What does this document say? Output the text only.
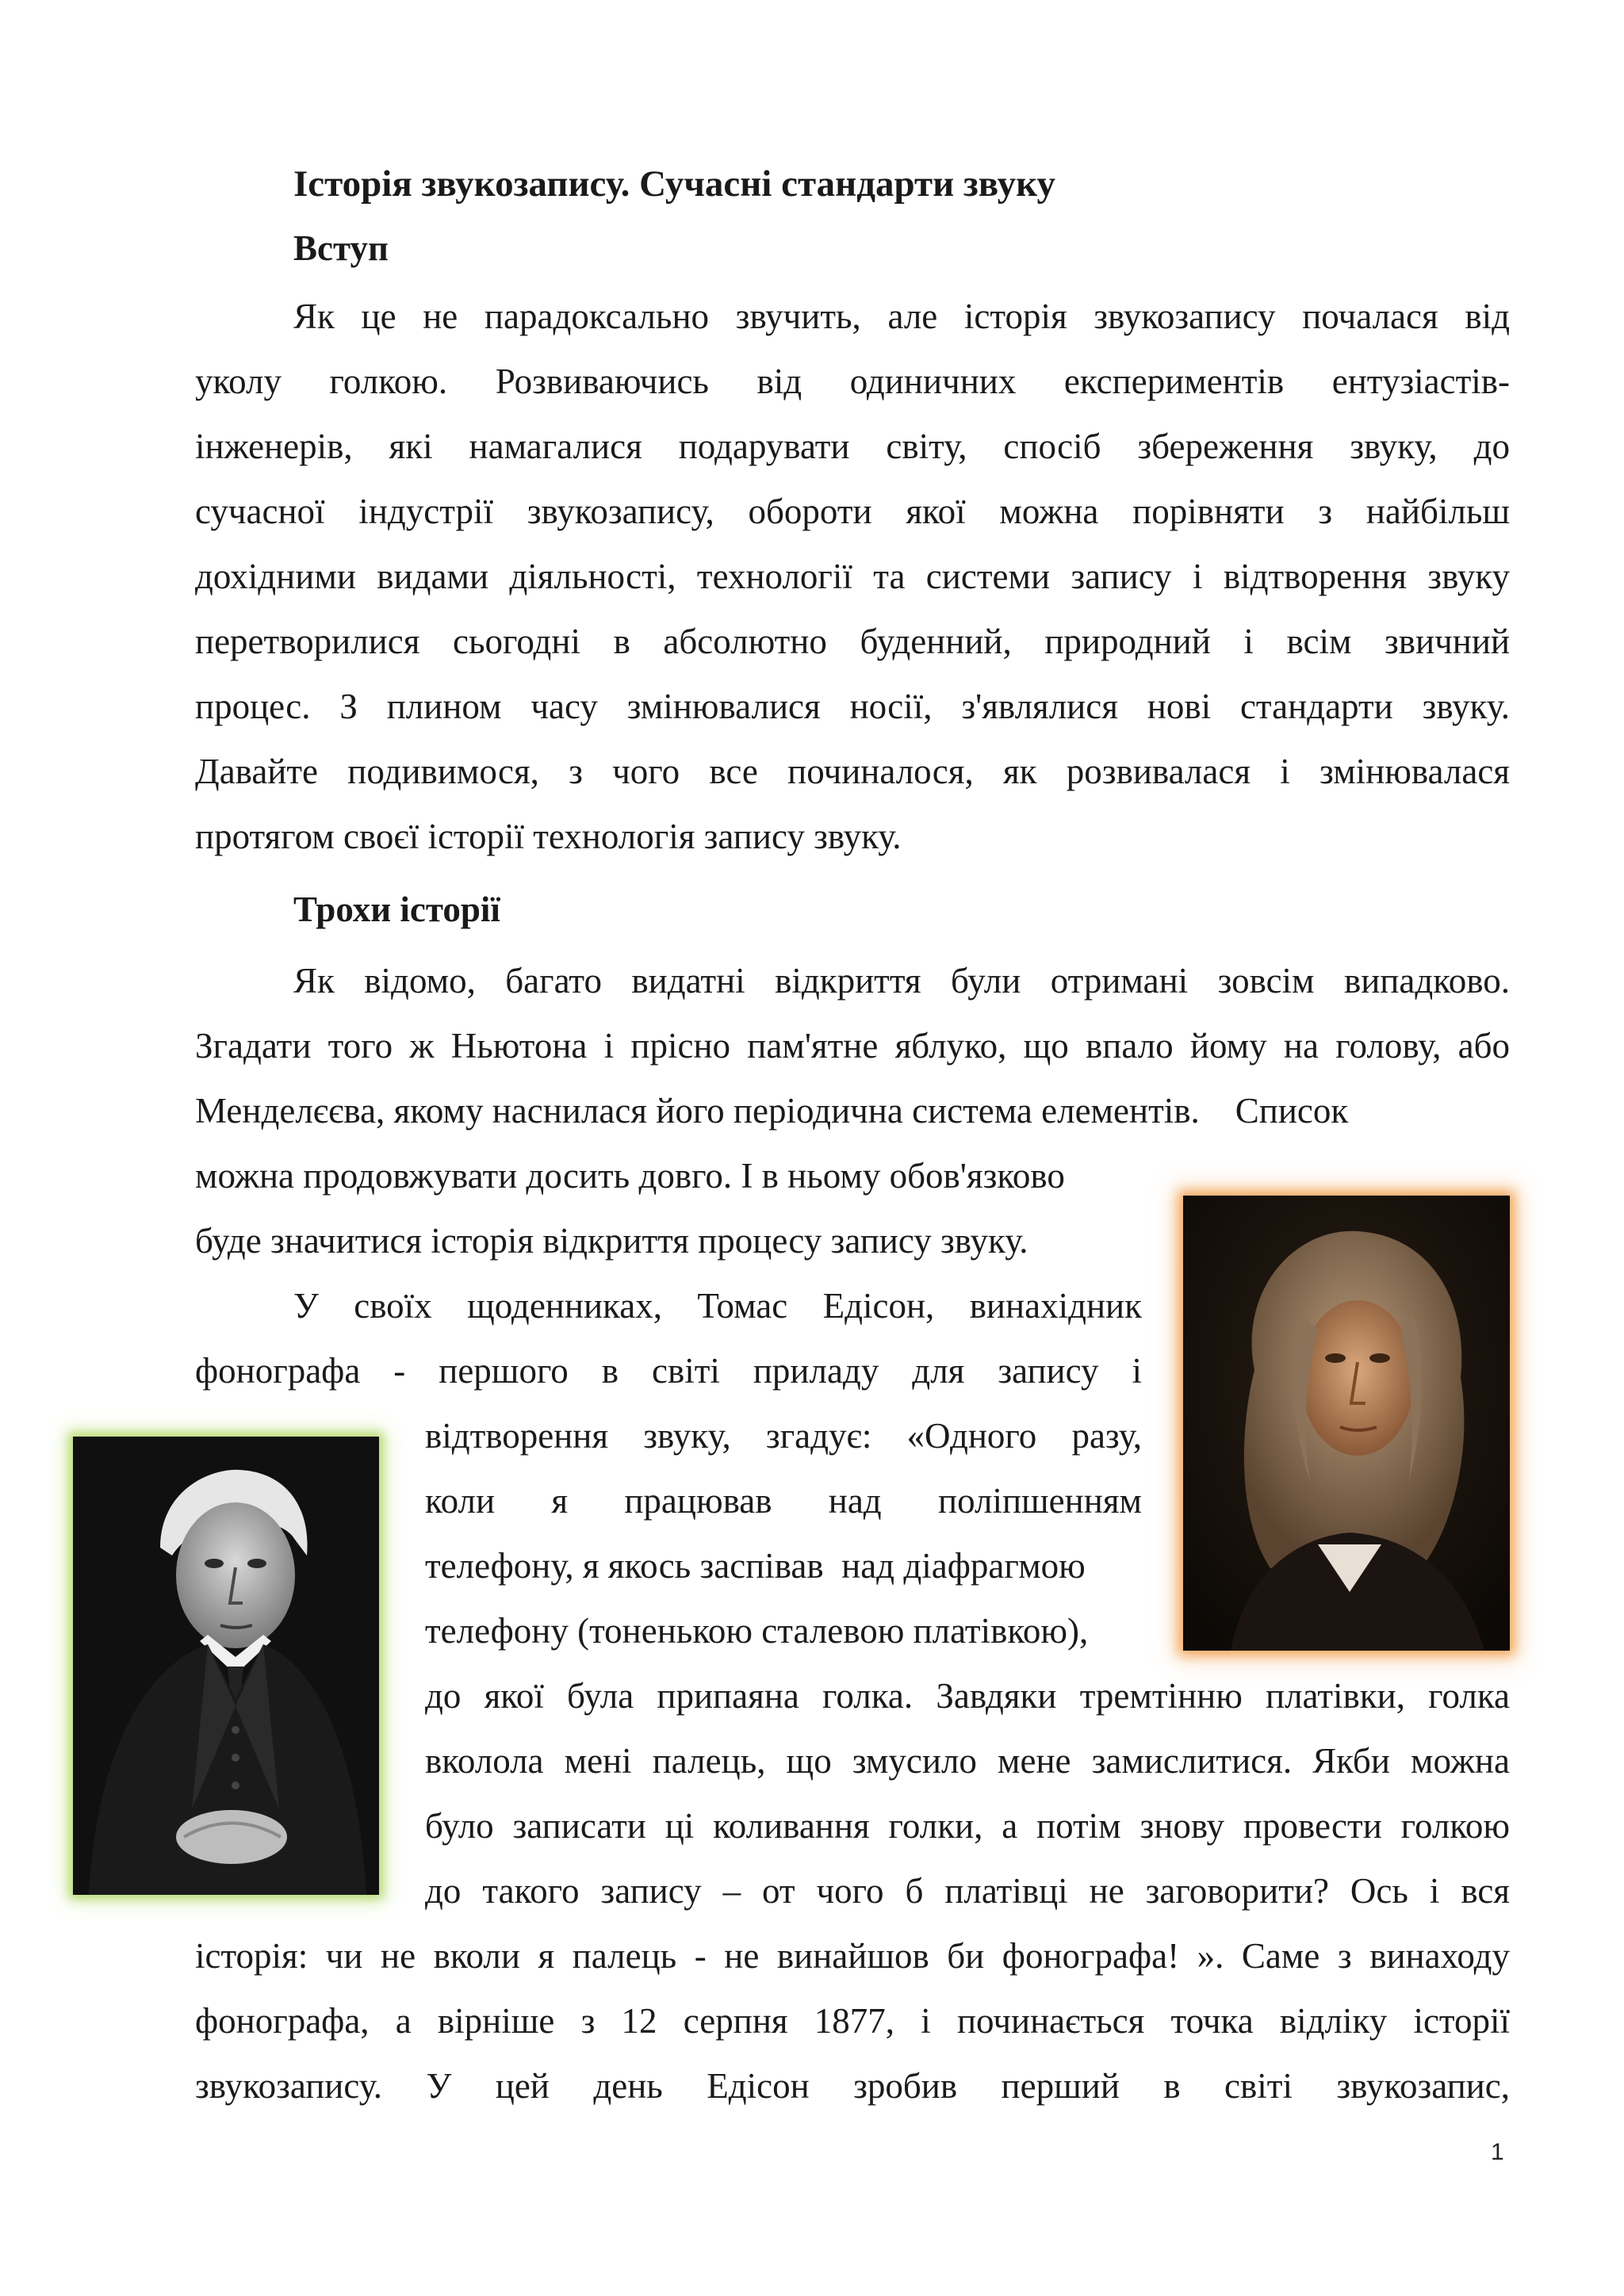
Історія звукозапису. Сучасні стандарти звуку

Вступ

Як це не парадоксально звучить, але історія звукозапису почалася від

уколу голкою. Розвиваючись від одиничних експериментів ентузіастів-

інженерів, які намагалися подарувати світу, спосіб збереження звуку, до

сучасної індустрії звукозапису, обороти якої можна порівняти з найбільш

дохідними видами діяльності, технології та системи запису і відтворення звуку

перетворилися сьогодні в абсолютно буденний, природний і всім звичний

процес. З плином часу змінювалися носії, з'являлися нові стандарти звуку.

Давайте подивимося, з чого все починалося, як розвивалася і змінювалася

протягом своєї історії технологія запису звуку.

Трохи історії

Як відомо, багато видатні відкриття були отримані зовсім випадково.

Згадати того ж Ньютона і прісно пам'ятне яблуко, що впало йому на голову, або

Менделєєва, якому наснилася його періодична система елементів.    Список

можна продовжувати досить довго. І в ньому обов'язково

буде значитися історія відкриття процесу запису звуку.

У своїх щоденниках, Томас Едісон, винахідник

фонографа - першого в світі приладу для запису і

відтворення звуку, згадує: «Одного разу,

коли я працював над поліпшенням

телефону, я якось заспівав  над діафрагмою

телефону (тоненькою сталевою платівкою),

до якої була припаяна голка. Завдяки тремтінню платівки, голка

вколола мені палець, що змусило мене замислитися. Якби можна

було записати ці коливання голки, а потім знову провести голкою

до такого запису – от чого б платівці не заговорити? Ось і вся

історія: чи не вколи я палець - не винайшов би фонографа! ». Саме з винаходу

фонографа, а вірніше з 12 серпня 1877, і починається точка відліку історії

звукозапису. У цей день Едісон зробив перший в світі звукозапис,

1
